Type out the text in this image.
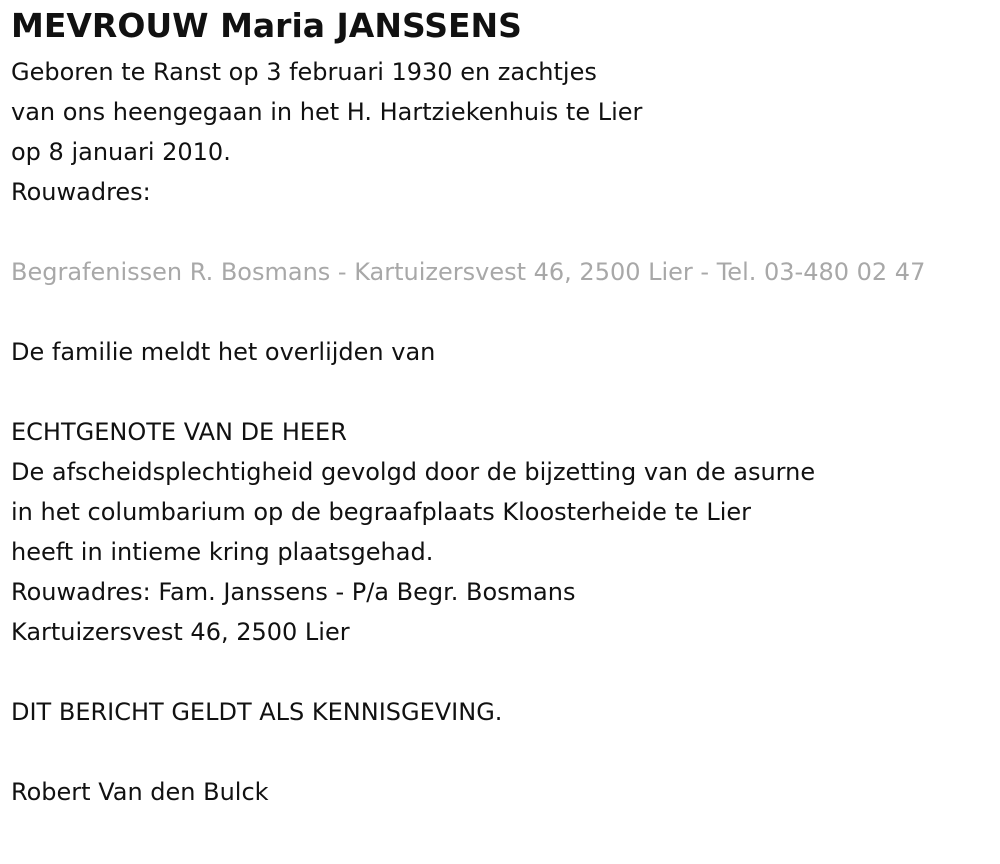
MEVROUW Maria JANSSENS

Geboren te Ranst op 3 februari 1930 en zachtjes

van ons heengegaan in het H. Hartziekenhuis te Lier

op 8 januari 2010.

Rouwadres:

Begrafenissen R. Bosmans - Kartuizersvest 46, 2500 Lier - Tel. 03-480 02 47

De familie meldt het overlijden van

ECHTGENOTE VAN DE HEER

De afscheidsplechtigheid gevolgd door de bijzetting van de asurne

in het columbarium op de begraafplaats Kloosterheide te Lier

heeft in intieme kring plaatsgehad.

Rouwadres: Fam. Janssens - P/a Begr. Bosmans

Kartuizersvest 46, 2500 Lier

DIT BERICHT GELDT ALS KENNISGEVING.

Robert Van den Bulck
